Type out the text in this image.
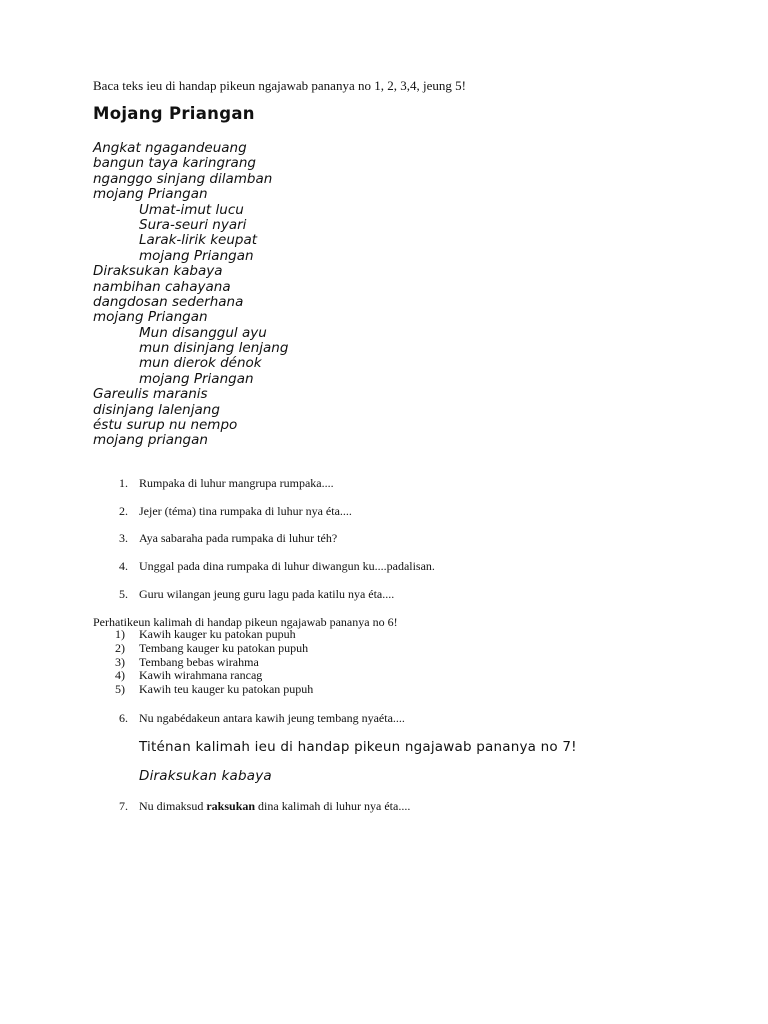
Baca teks ieu di handap pikeun ngajawab pananya no 1, 2, 3,4, jeung 5!
Mojang Priangan
Angkat ngagandeuang
bangun taya karingrang
nganggo sinjang dilamban
mojang Priangan
Umat-imut lucu
Sura-seuri nyari
Larak-lirik keupat
mojang Priangan
Diraksukan kabaya
nambihan cahayana
dangdosan sederhana
mojang Priangan
Mun disanggul ayu
mun disinjang lenjang
mun dierok dénok
mojang Priangan
Gareulis maranis
disinjang lalenjang
éstu surup nu nempo
mojang priangan
1. Rumpaka di luhur mangrupa rumpaka....
2. Jejer (téma) tina rumpaka di luhur nya éta....
3. Aya sabaraha pada rumpaka di luhur téh?
4. Unggal pada dina rumpaka di luhur diwangun ku....padalisan.
5. Guru wilangan jeung guru lagu pada katilu nya éta....
Perhatikeun kalimah di handap pikeun ngajawab pananya no 6!
1) Kawih kauger ku patokan pupuh
2) Tembang kauger ku patokan pupuh
3) Tembang bebas wirahma
4) Kawih wirahmana rancag
5) Kawih teu kauger ku patokan pupuh
6. Nu ngabédakeun antara kawih jeung tembang nyaéta....
Titénan kalimah ieu di handap pikeun ngajawab pananya no 7!
Diraksukan kabaya
7. Nu dimaksud raksukan dina kalimah di luhur nya éta....
